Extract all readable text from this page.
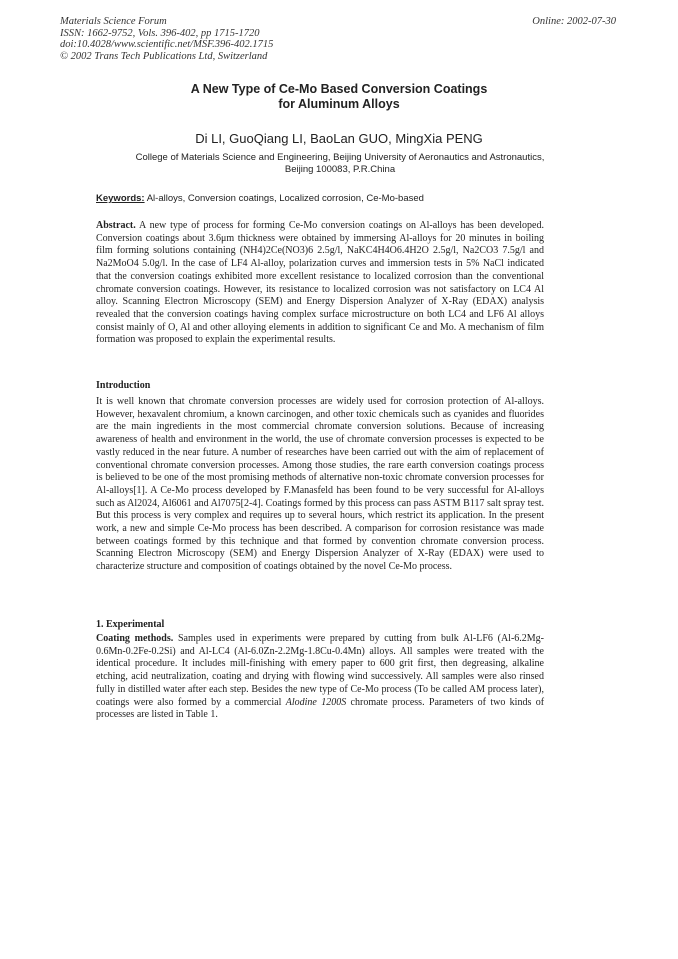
Materials Science Forum
ISSN: 1662-9752, Vols. 396-402, pp 1715-1720
doi:10.4028/www.scientific.net/MSF.396-402.1715
© 2002 Trans Tech Publications Ltd, Switzerland
Online: 2002-07-30
A New Type of Ce-Mo Based Conversion Coatings
for Aluminum Alloys
Di LI, GuoQiang LI, BaoLan GUO, MingXia PENG
College of Materials Science and Engineering, Beijing University of Aeronautics and Astronautics,
Beijing 100083, P.R.China
Keywords: Al-alloys, Conversion coatings, Localized corrosion, Ce-Mo-based
Abstract. A new type of process for forming Ce-Mo conversion coatings on Al-alloys has been developed. Conversion coatings about 3.6μm thickness were obtained by immersing Al-alloys for 20 minutes in boiling film forming solutions containing (NH4)2Ce(NO3)6 2.5g/l, NaKC4H4O6.4H2O 2.5g/l, Na2CO3 7.5g/l and Na2MoO4 5.0g/l. In the case of LF4 Al-alloy, polarization curves and immersion tests in 5% NaCl indicated that the conversion coatings exhibited more excellent resistance to localized corrosion than the conventional chromate conversion coatings. However, its resistance to localized corrosion was not satisfactory on LC4 Al alloy. Scanning Electron Microscopy (SEM) and Energy Dispersion Analyzer of X-Ray (EDAX) analysis revealed that the conversion coatings having complex surface microstructure on both LC4 and LF6 Al alloys consist mainly of O, Al and other alloying elements in addition to significant Ce and Mo. A mechanism of film formation was proposed to explain the experimental results.
Introduction
It is well known that chromate conversion processes are widely used for corrosion protection of Al-alloys. However, hexavalent chromium, a known carcinogen, and other toxic chemicals such as cyanides and fluorides are the main ingredients in the most commercial chromate conversion solutions. Because of increasing awareness of health and environment in the world, the use of chromate conversion processes is expected to be vastly reduced in the near future. A number of researches have been carried out with the aim of replacement of conventional chromate conversion processes. Among those studies, the rare earth conversion coatings process is believed to be one of the most promising methods of alternative non-toxic chromate conversion processes for Al-alloys[1]. A Ce-Mo process developed by F.Manasfeld has been found to be very successful for Al-alloys such as Al2024, Al6061 and Al7075[2-4]. Coatings formed by this process can pass ASTM B117 salt spray test. But this process is very complex and requires up to several hours, which restrict its application. In the present work, a new and simple Ce-Mo process has been described. A comparison for corrosion resistance was made between coatings formed by this technique and that formed by convention chromate conversion process. Scanning Electron Microscopy (SEM) and Energy Dispersion Analyzer of X-Ray (EDAX) were used to characterize structure and composition of coatings obtained by the novel Ce-Mo process.
1. Experimental
Coating methods. Samples used in experiments were prepared by cutting from bulk Al-LF6 (Al-6.2Mg-0.6Mn-0.2Fe-0.2Si) and Al-LC4 (Al-6.0Zn-2.2Mg-1.8Cu-0.4Mn) alloys. All samples were treated with the identical procedure. It includes mill-finishing with emery paper to 600 grit first, then degreasing, alkaline etching, acid neutralization, coating and drying with flowing wind successively. All samples were also rinsed fully in distilled water after each step. Besides the new type of Ce-Mo process (To be called AM process later), coatings were also formed by a commercial Alodine 1200S chromate process. Parameters of two kinds of processes are listed in Table 1.
